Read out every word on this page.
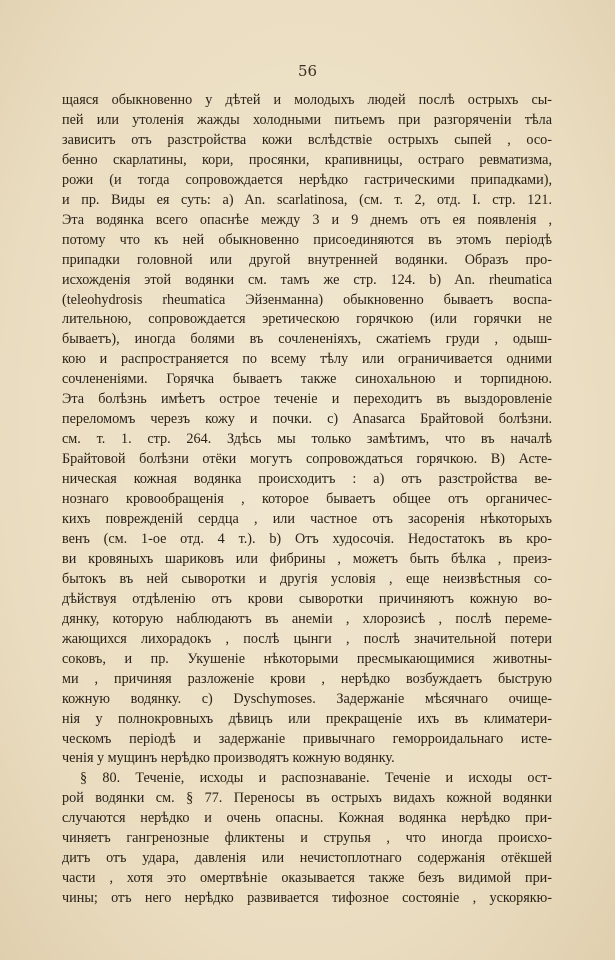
56
щаяся обыкновенно у дѣтей и молодыхъ людей послѣ острыхъ сы-
пей или утоленія жажды холодными питьемъ при разгоряченіи тѣла
зависитъ отъ разстройства кожи вслѣдствіе острыхъ сыпей , осо-
бенно скарлатины, кори, просянки, крапивницы, остраго ревматизма,
рожи (и тогда сопровождается нерѣдко гастрическими припадками),
и пр. Виды ея суть: a) An. scarlatinosa, (см. т. 2, отд. I. стр. 121.
Эта водянка всего опаснѣе между 3 и 9 днемъ отъ ея появленія ,
потому что къ ней обыкновенно присоединяются въ этомъ періодѣ
припадки головной или другой внутренней водянки. Образъ про-
исхожденія этой водянки см. тамъ же стр. 124. b) An. rheumatica
(teleohydrosis rheumatica Эйзенманна) обыкновенно бываетъ воспа-
лительною, сопровождается эретическою горячкою (или горячки не
бываетъ), иногда болями въ сочлененіяхъ, сжатіемъ груди , одыш-
кою и распространяется по всему тѣлу или ограничивается одними
сочлененіями. Горячка бываетъ также синохальною и торпидною.
Эта болѣзнь имѣетъ острое теченіе и переходитъ въ выздоровленіе
переломомъ черезъ кожу и почки. c) Anasarca Брайтовой болѣзни.
см. т. 1. стр. 264. Здѣсь мы только замѣтимъ, что въ началѣ
Брайтовой болѣзни отёки могутъ сопровождаться горячкою. B) Асте-
ническая кожная водянка происходитъ : a) отъ разстройства ве-
нознаго кровообращенія , которое бываетъ общее отъ органичес-
кихъ поврежденій сердца , или частное отъ засоренія нѣкоторыхъ
венъ (см. 1-ое отд. 4 т.). b) Отъ худосочія. Недостатокъ въ кро-
ви кровяныхъ шариковъ или фибрины , можетъ быть бѣлка , преиз-
бытокъ въ ней сыворотки и другія условія , еще неизвѣстныя со-
дѣйствуя отдѣленію отъ крови сыворотки причиняютъ кожную во-
дянку, которую наблюдаютъ въ анеміи , хлорозисѣ , послѣ переме-
жающихся лихорадокъ , послѣ цынги , послѣ значительной потери
соковъ, и пр. Укушеніе нѣкоторыми пресмыкающимися животны-
ми , причиняя разложеніе крови , нерѣдко возбуждаетъ быструю
кожную водянку. c) Dyschymoses. Задержаніе мѣсячнаго очище-
нія у полнокровныхъ дѣвицъ или прекращеніе ихъ въ климатери-
ческомъ періодѣ и задержаніе привычнаго геморроидальнаго исте-
ченія у мущинъ нерѣдко производятъ кожную водянку.
§ 80. Теченіе, исходы и распознаваніе. Теченіе и исходы ост-
рой водянки см. § 77. Переносы въ острыхъ видахъ кожной водянки
случаются нерѣдко и очень опасны. Кожная водянка нерѣдко при-
чиняетъ гангренозные фликтены и струпья , что иногда происхо-
дитъ отъ удара, давленія или нечистоплотнаго содержанія отёкшей
части , хотя это омертвѣніе оказывается также безъ видимой при-
чины; отъ него нерѣдко развивается тифозное состояніе , ускорякю-
